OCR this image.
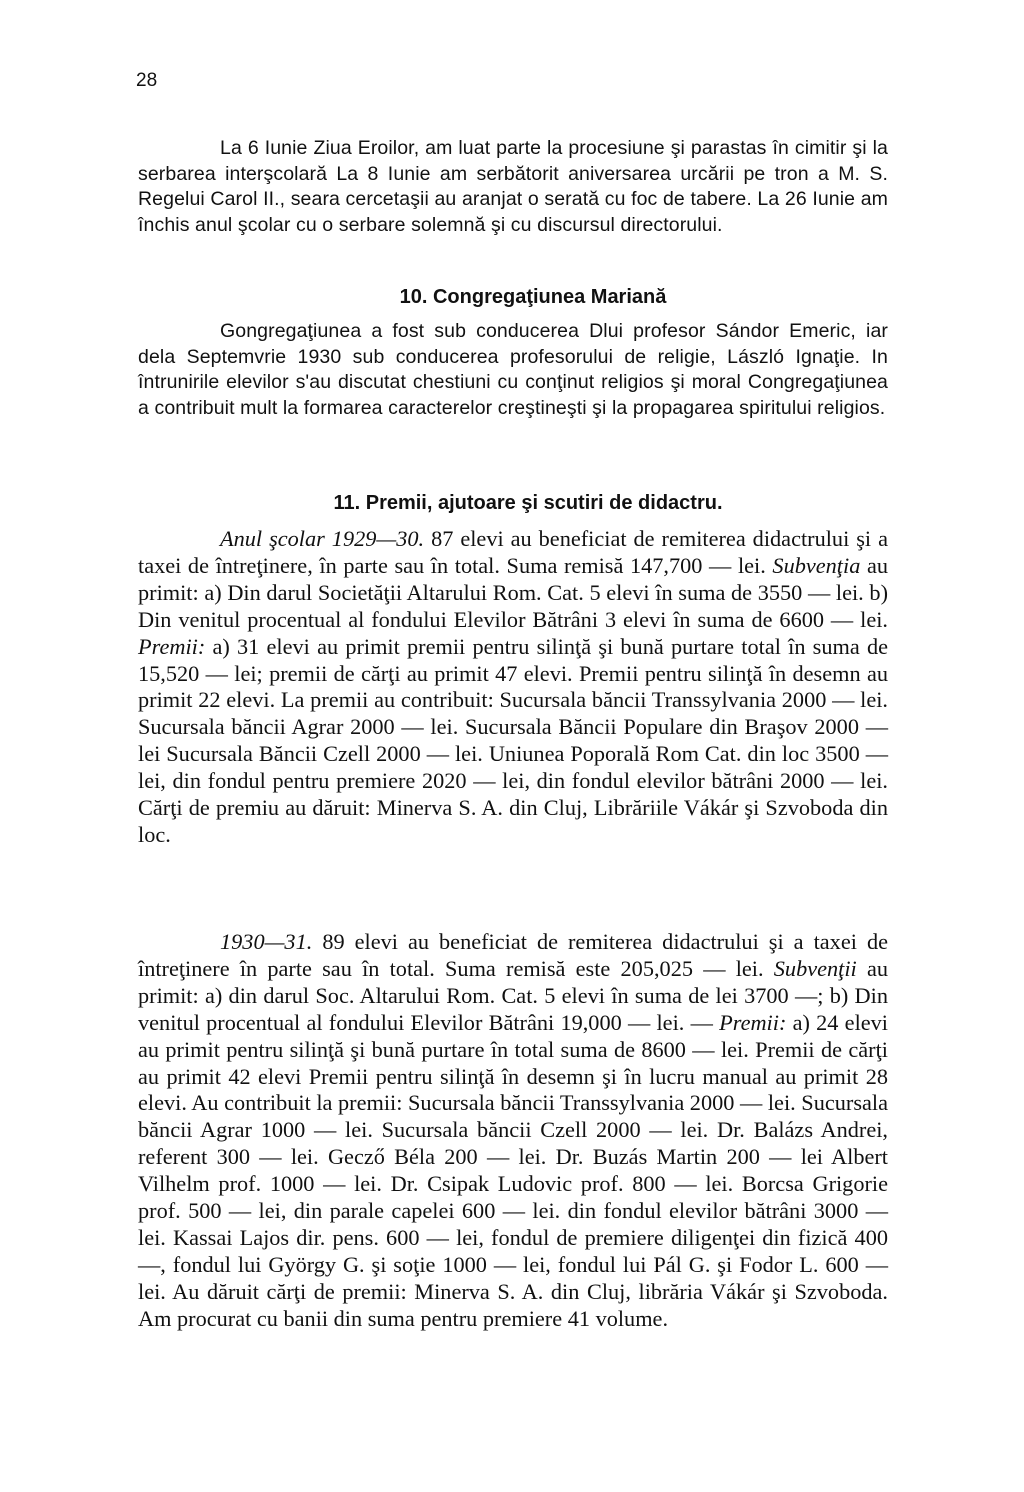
28

La 6 Iunie Ziua Eroilor, am luat parte la procesiune şi parastas în cimitir şi la serbarea interşcolară La 8 Iunie am serbătorit aniversarea urcării pe tron a M. S. Regelui Carol II., seara cercetaşii au aranjat o serată cu foc de tabere. La 26 Iunie am închis anul şcolar cu o serbare solemnă şi cu discursul directorului.

10. Congregaţiunea Mariană

Gongregaţiunea a fost sub conducerea Dlui profesor Sándor Emeric, iar dela Septemvrie 1930 sub conducerea profesorului de religie, László Ignaţie. In întrunirile elevilor s'au discutat chestiuni cu conţinut religios şi moral Congregaţiunea a contribuit mult la formarea caracterelor creştineşti şi la propagarea spiritului religios.

11. Premii, ajutoare şi scutiri de didactru.

Anul şcolar 1929—30. 87 elevi au beneficiat de remiterea didactrului şi a taxei de întreţinere, în parte sau în total. Suma remisă 147,700 — lei. Subvenţia au primit: a) Din darul Societăţii Altarului Rom. Cat. 5 elevi în suma de 3550 — lei. b) Din venitul procentual al fondului Elevilor Bătrâni 3 elevi în suma de 6600 — lei. Premii: a) 31 elevi au primit premii pentru silinţă şi bună purtare total în suma de 15,520 — lei; premii de cărţi au primit 47 elevi. Premii pentru silinţă în desemn au primit 22 elevi. La premii au contribuit: Sucursala băncii Transsylvania 2000 — lei. Sucursala băncii Agrar 2000 — lei. Sucursala Băncii Populare din Braşov 2000 — lei Sucursala Băncii Czell 2000 — lei. Uniunea Poporală Rom Cat. din loc 3500 — lei, din fondul pentru premiere 2020 — lei, din fondul elevilor bătrâni 2000 — lei. Cărţi de premiu au dăruit: Minerva S. A. din Cluj, Librăriile Vákár şi Szvoboda din loc.

1930—31. 89 elevi au beneficiat de remiterea didactrului şi a taxei de întreţinere în parte sau în total. Suma remisă este 205,025 — lei. Subvenţii au primit: a) din darul Soc. Altarului Rom. Cat. 5 elevi în suma de lei 3700 —; b) Din venitul procentual al fondului Elevilor Bătrâni 19,000 — lei. — Premii: a) 24 elevi au primit pentru silinţă şi bună purtare în total suma de 8600 — lei. Premii de cărţi au primit 42 elevi Premii pentru silinţă în desemn şi în lucru manual au primit 28 elevi. Au contribuit la premii: Sucursala băncii Transsylvania 2000 — lei. Sucursala băncii Agrar 1000 — lei. Sucursala băncii Czell 2000 — lei. Dr. Balázs Andrei, referent 300 — lei. Gecző Béla 200 — lei. Dr. Buzás Martin 200 — lei Albert Vilhelm prof. 1000 — lei. Dr. Csipak Ludovic prof. 800 — lei. Borcsa Grigorie prof. 500 — lei, din parale capelei 600 — lei. din fondul elevilor bătrâni 3000 — lei. Kassai Lajos dir. pens. 600 — lei, fondul de premiere diligenţei din fizică 400 —, fondul lui György G. şi soţie 1000 — lei, fondul lui Pál G. şi Fodor L. 600 — lei. Au dăruit cărţi de premii: Minerva S. A. din Cluj, librăria Vákár şi Szvoboda. Am procurat cu banii din suma pentru premiere 41 volume.
